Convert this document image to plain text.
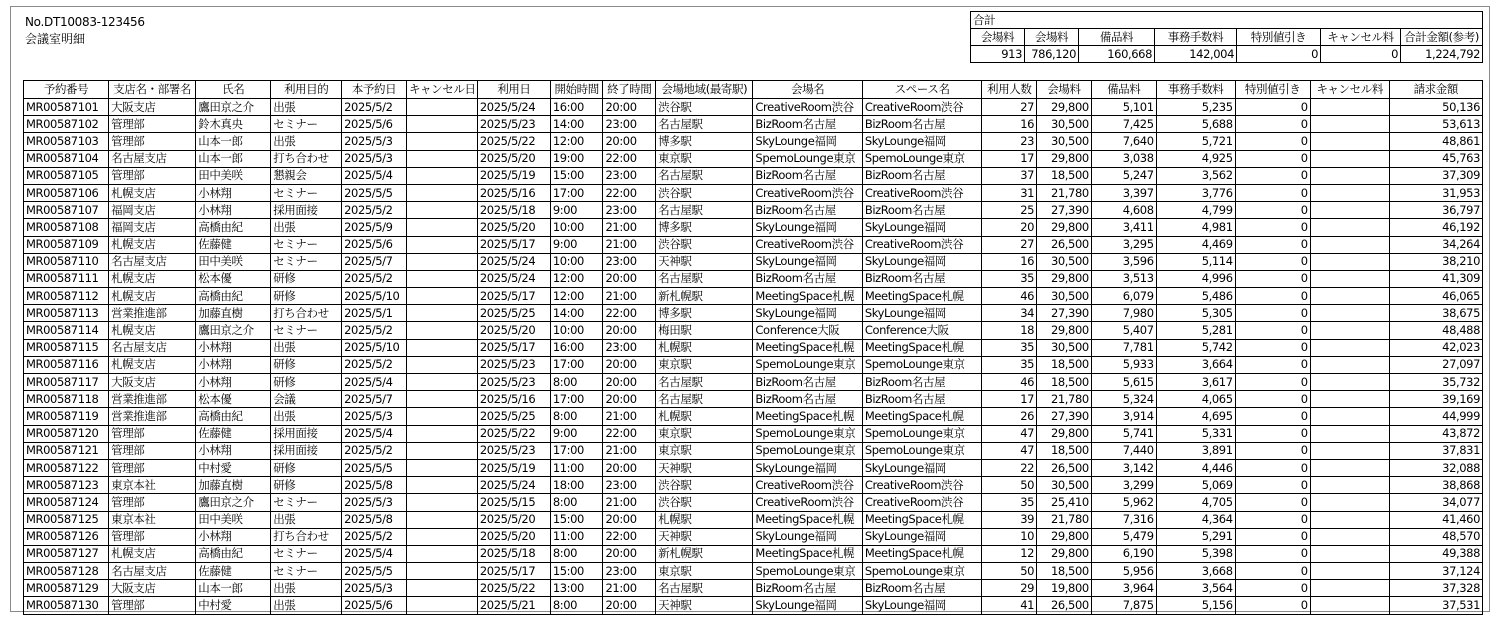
No.DT10083-123456
会議室明細
合計						
会場料	会場料	備品料	事務手数料	特別値引き	キャンセル料	合計金額(参考)
913	786,120	160,668	142,004	0	0	1,224,792
予約番号	支店名・部署名	氏名	利用目的	本予約日	キャンセル日	利用日	開始時間	終了時間	会場地域(最寄駅)	会場名	スペース名	利用人数	会場料	備品料	事務手数料	特別値引き	キャンセル料	請求金額
MR00587101	大阪支店	鷹田京之介	出張	2025/5/2		2025/5/24	16:00	20:00	渋谷駅	CreativeRoom渋谷	CreativeRoom渋谷	27	29,800	5,101	5,235	0		50,136
MR00587102	管理部	鈴木真央	セミナー	2025/5/6		2025/5/23	14:00	23:00	名古屋駅	BizRoom名古屋	BizRoom名古屋	16	30,500	7,425	5,688	0		53,613
MR00587103	管理部	山本一郎	出張	2025/5/3		2025/5/22	12:00	20:00	博多駅	SkyLounge福岡	SkyLounge福岡	23	30,500	7,640	5,721	0		48,861
MR00587104	名古屋支店	山本一郎	打ち合わせ	2025/5/3		2025/5/20	19:00	22:00	東京駅	SpemoLounge東京	SpemoLounge東京	17	29,800	3,038	4,925	0		45,763
MR00587105	管理部	田中美咲	懇親会	2025/5/4		2025/5/19	15:00	23:00	名古屋駅	BizRoom名古屋	BizRoom名古屋	37	18,500	5,247	3,562	0		37,309
MR00587106	札幌支店	小林翔	セミナー	2025/5/5		2025/5/16	17:00	22:00	渋谷駅	CreativeRoom渋谷	CreativeRoom渋谷	31	21,780	3,397	3,776	0		31,953
MR00587107	福岡支店	小林翔	採用面接	2025/5/2		2025/5/18	9:00	23:00	名古屋駅	BizRoom名古屋	BizRoom名古屋	25	27,390	4,608	4,799	0		36,797
MR00587108	福岡支店	高橋由紀	出張	2025/5/9		2025/5/20	10:00	21:00	博多駅	SkyLounge福岡	SkyLounge福岡	20	29,800	3,411	4,981	0		46,192
MR00587109	札幌支店	佐藤健	セミナー	2025/5/6		2025/5/17	9:00	21:00	渋谷駅	CreativeRoom渋谷	CreativeRoom渋谷	27	26,500	3,295	4,469	0		34,264
MR00587110	名古屋支店	田中美咲	セミナー	2025/5/7		2025/5/24	10:00	23:00	天神駅	SkyLounge福岡	SkyLounge福岡	16	30,500	3,596	5,114	0		38,210
MR00587111	札幌支店	松本優	研修	2025/5/2		2025/5/24	12:00	20:00	名古屋駅	BizRoom名古屋	BizRoom名古屋	35	29,800	3,513	4,996	0		41,309
MR00587112	札幌支店	高橋由紀	研修	2025/5/10		2025/5/17	12:00	21:00	新札幌駅	MeetingSpace札幌	MeetingSpace札幌	46	30,500	6,079	5,486	0		46,065
MR00587113	営業推進部	加藤直樹	打ち合わせ	2025/5/1		2025/5/25	14:00	22:00	博多駅	SkyLounge福岡	SkyLounge福岡	34	27,390	7,980	5,305	0		38,675
MR00587114	札幌支店	鷹田京之介	セミナー	2025/5/2		2025/5/20	10:00	20:00	梅田駅	Conference大阪	Conference大阪	18	29,800	5,407	5,281	0		48,488
MR00587115	名古屋支店	小林翔	出張	2025/5/10		2025/5/17	16:00	23:00	札幌駅	MeetingSpace札幌	MeetingSpace札幌	35	30,500	7,781	5,742	0		42,023
MR00587116	札幌支店	小林翔	研修	2025/5/2		2025/5/23	17:00	20:00	東京駅	SpemoLounge東京	SpemoLounge東京	35	18,500	5,933	3,664	0		27,097
MR00587117	大阪支店	小林翔	研修	2025/5/4		2025/5/23	8:00	20:00	名古屋駅	BizRoom名古屋	BizRoom名古屋	46	18,500	5,615	3,617	0		35,732
MR00587118	営業推進部	松本優	会議	2025/5/7		2025/5/16	17:00	20:00	名古屋駅	BizRoom名古屋	BizRoom名古屋	17	21,780	5,324	4,065	0		39,169
MR00587119	営業推進部	高橋由紀	出張	2025/5/3		2025/5/25	8:00	21:00	札幌駅	MeetingSpace札幌	MeetingSpace札幌	26	27,390	3,914	4,695	0		44,999
MR00587120	管理部	佐藤健	採用面接	2025/5/4		2025/5/22	9:00	22:00	東京駅	SpemoLounge東京	SpemoLounge東京	47	29,800	5,741	5,331	0		43,872
MR00587121	管理部	小林翔	採用面接	2025/5/2		2025/5/23	17:00	21:00	東京駅	SpemoLounge東京	SpemoLounge東京	47	18,500	7,440	3,891	0		37,831
MR00587122	管理部	中村愛	研修	2025/5/5		2025/5/19	11:00	20:00	天神駅	SkyLounge福岡	SkyLounge福岡	22	26,500	3,142	4,446	0		32,088
MR00587123	東京本社	加藤直樹	研修	2025/5/8		2025/5/24	18:00	23:00	渋谷駅	CreativeRoom渋谷	CreativeRoom渋谷	50	30,500	3,299	5,069	0		38,868
MR00587124	管理部	鷹田京之介	セミナー	2025/5/3		2025/5/15	8:00	21:00	渋谷駅	CreativeRoom渋谷	CreativeRoom渋谷	35	25,410	5,962	4,705	0		34,077
MR00587125	東京本社	田中美咲	出張	2025/5/8		2025/5/20	15:00	20:00	札幌駅	MeetingSpace札幌	MeetingSpace札幌	39	21,780	7,316	4,364	0		41,460
MR00587126	管理部	小林翔	打ち合わせ	2025/5/2		2025/5/20	11:00	22:00	天神駅	SkyLounge福岡	SkyLounge福岡	10	29,800	5,479	5,291	0		48,570
MR00587127	札幌支店	高橋由紀	セミナー	2025/5/4		2025/5/18	8:00	20:00	新札幌駅	MeetingSpace札幌	MeetingSpace札幌	12	29,800	6,190	5,398	0		49,388
MR00587128	名古屋支店	佐藤健	セミナー	2025/5/5		2025/5/17	15:00	23:00	東京駅	SpemoLounge東京	SpemoLounge東京	50	18,500	5,956	3,668	0		37,124
MR00587129	大阪支店	山本一郎	出張	2025/5/3		2025/5/22	13:00	21:00	名古屋駅	BizRoom名古屋	BizRoom名古屋	29	19,800	3,964	3,564	0		37,328
MR00587130	管理部	中村愛	出張	2025/5/6		2025/5/21	8:00	20:00	天神駅	SkyLounge福岡	SkyLounge福岡	41	26,500	7,875	5,156	0		37,531
